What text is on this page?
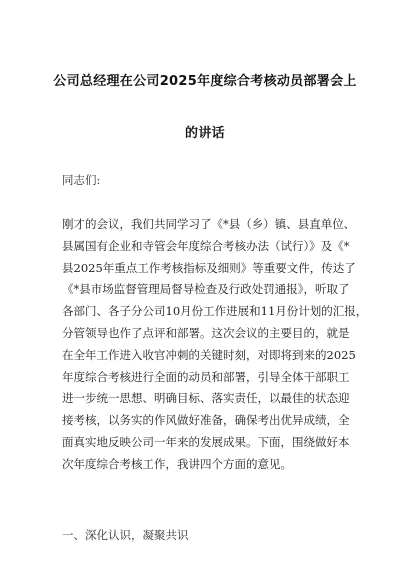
公司总经理在公司2025年度综合考核动员部署会上
的讲话
同志们:
刚才的会议，我们共同学习了《*县（乡）镇、县直单位、
县属国有企业和寺管会年度综合考核办法（试行）》及《*
县2025年重点工作考核指标及细则》等重要文件，传达了
《*县市场监督管理局督导检查及行政处罚通报》，听取了
各部门、各子分公司10月份工作进展和11月份计划的汇报，
分管领导也作了点评和部署。这次会议的主要目的，就是
在全年工作进入收官冲刺的关键时刻，对即将到来的2025
年度综合考核进行全面的动员和部署，引导全体干部职工
进一步统一思想、明确目标、落实责任，以最佳的状态迎
接考核，以务实的作风做好准备，确保考出优异成绩，全
面真实地反映公司一年来的发展成果。下面，围绕做好本
次年度综合考核工作，我讲四个方面的意见。
一、深化认识，凝聚共识
